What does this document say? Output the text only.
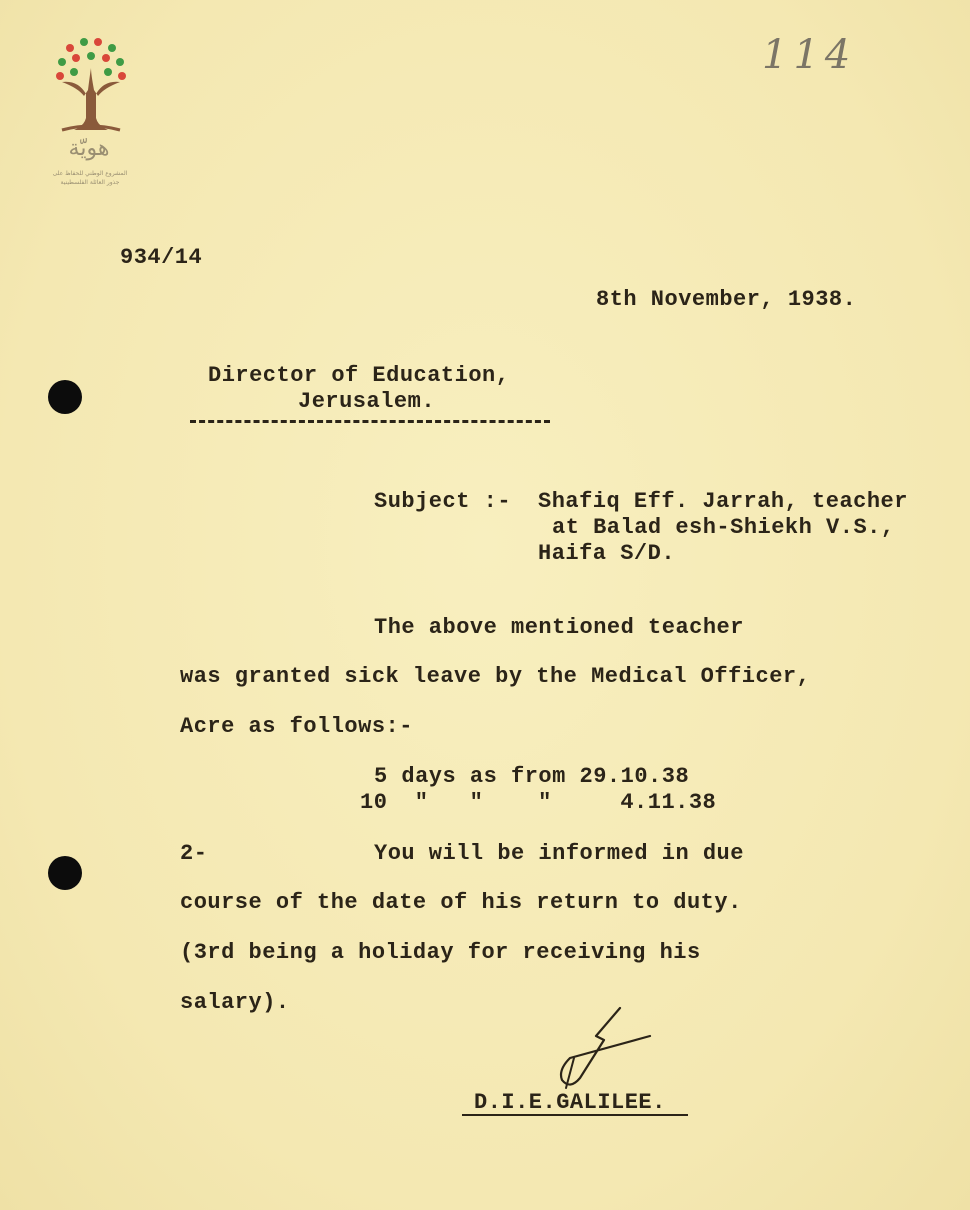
هويّة
المشروع الوطني للحفاظ على
جذور العائلة الفلسطينية
114
934/14
8th November, 1938.
Director of Education,
Jerusalem.
Subject :- Shafiq Eff. Jarrah, teacher
at Balad esh-Shiekh V.S.,
Haifa S/D.
The above mentioned teacher
was granted sick leave by the Medical Officer,
Acre as follows:-
5 days as from 29.10.38
10  "   "    "     4.11.38
2-	You will be informed in due
course of the date of his return to duty.
(3rd being a holiday for receiving his
salary).
D.I.E.GALILEE.
